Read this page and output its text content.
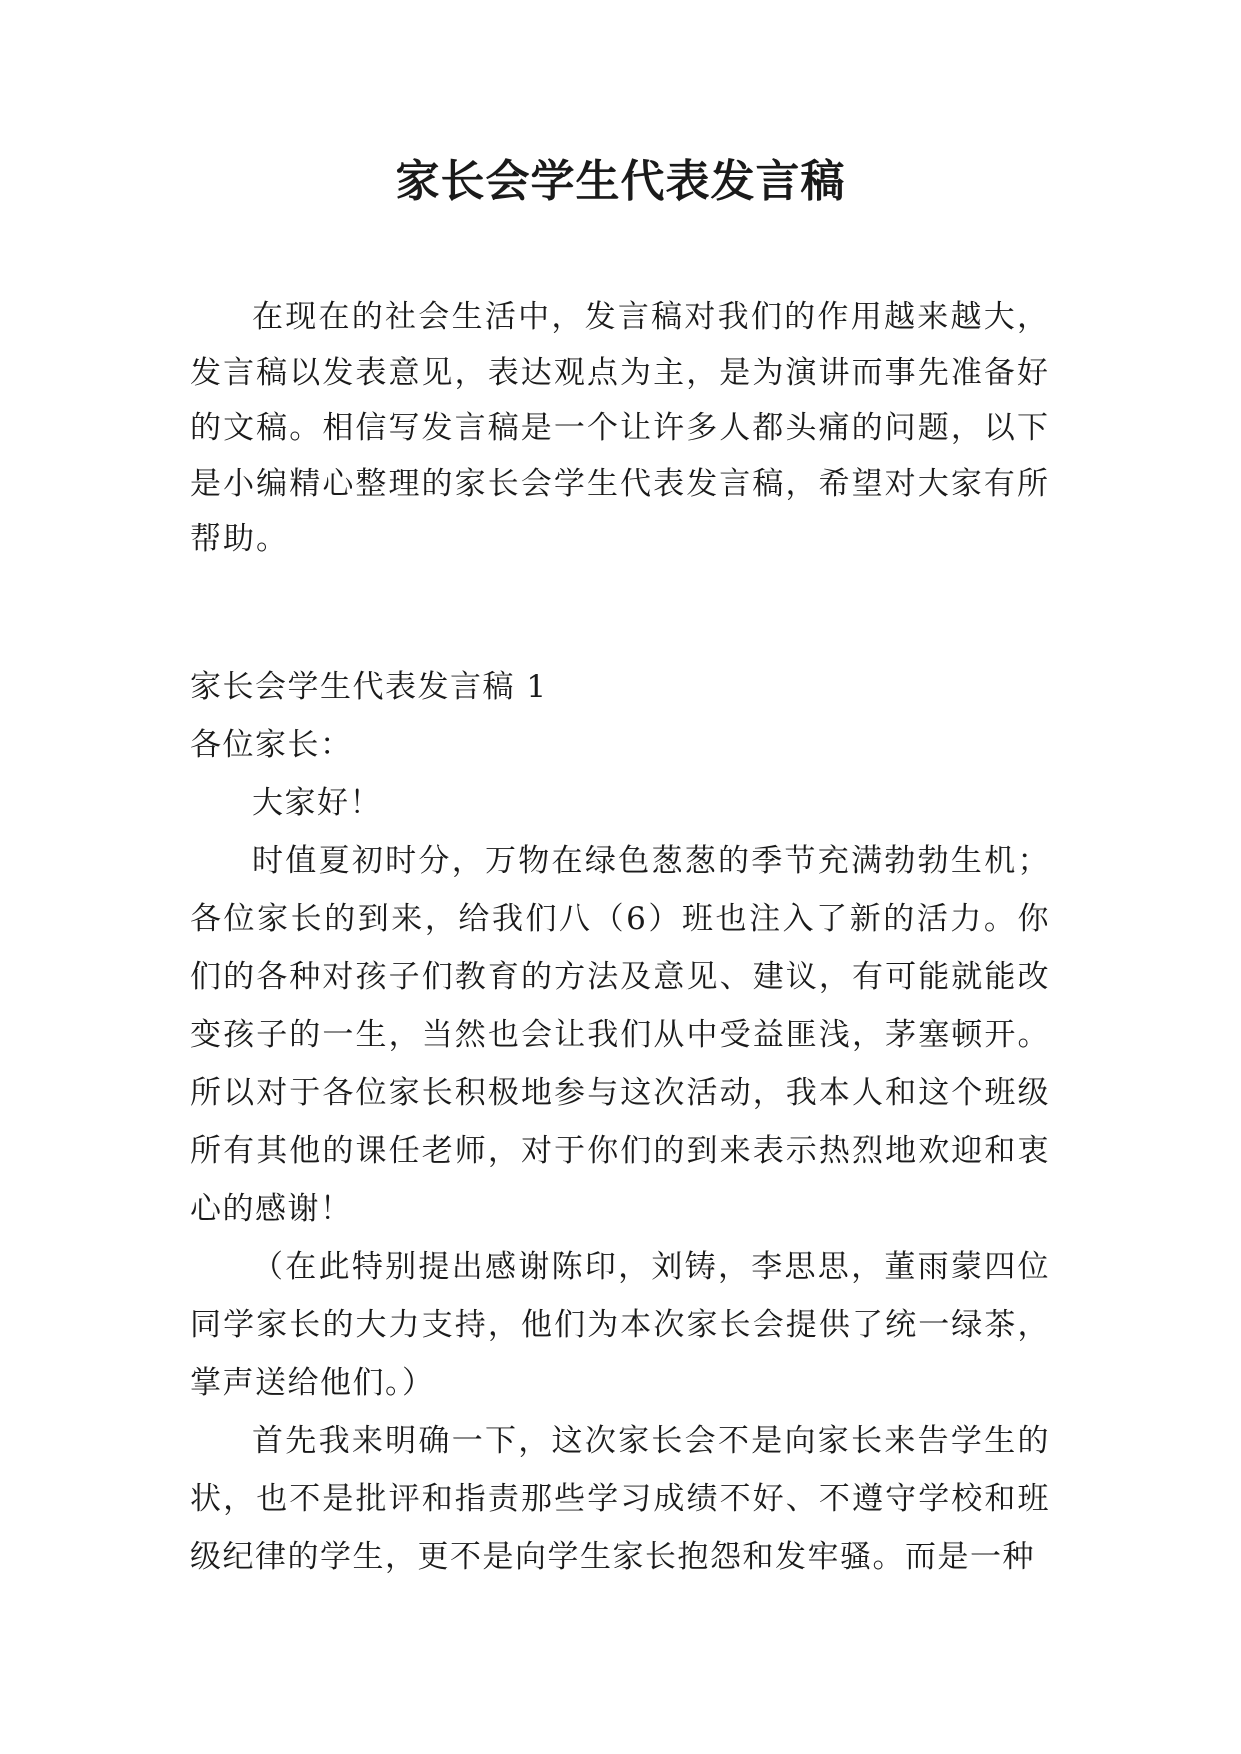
家长会学生代表发言稿

在现在的社会生活中，发言稿对我们的作用越来越大，发言稿以发表意见，表达观点为主，是为演讲而事先准备好的文稿。相信写发言稿是一个让许多人都头痛的问题，以下是小编精心整理的家长会学生代表发言稿，希望对大家有所帮助。

家长会学生代表发言稿 1

各位家长：

大家好！

时值夏初时分，万物在绿色葱葱的季节充满勃勃生机；各位家长的到来，给我们八（6）班也注入了新的活力。你们的各种对孩子们教育的方法及意见、建议，有可能就能改变孩子的一生，当然也会让我们从中受益匪浅，茅塞顿开。所以对于各位家长积极地参与这次活动，我本人和这个班级所有其他的课任老师，对于你们的到来表示热烈地欢迎和衷心的感谢！

（在此特别提出感谢陈印，刘铸，李思思，董雨蒙四位同学家长的大力支持，他们为本次家长会提供了统一绿茶，掌声送给他们。）

首先我来明确一下，这次家长会不是向家长来告学生的状，也不是批评和指责那些学习成绩不好、不遵守学校和班级纪律的学生，更不是向学生家长抱怨和发牢骚。而是一种
